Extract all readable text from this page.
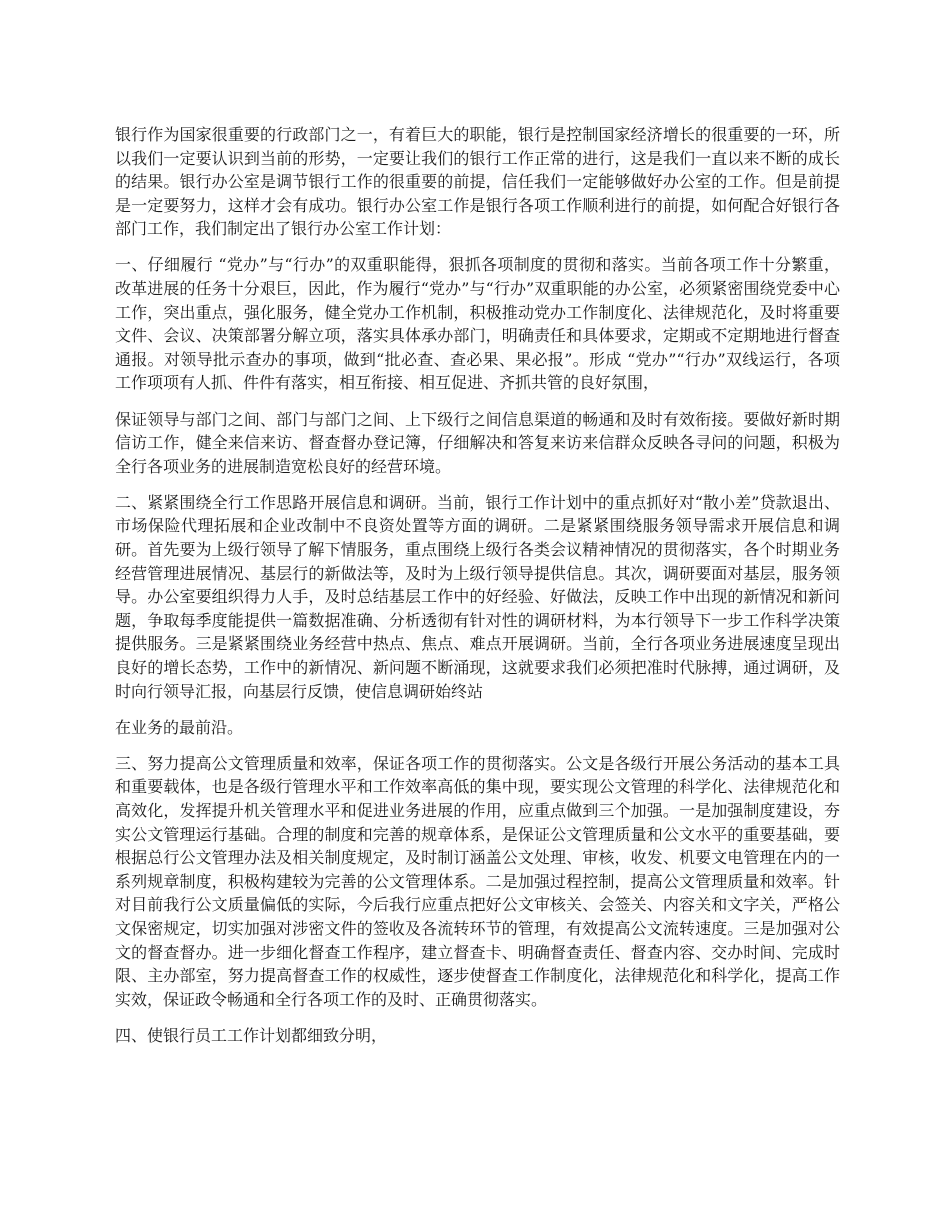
银行作为国家很重要的行政部门之一，有着巨大的职能，银行是控制国家经济增长的很重要的一环，所以我们一定要认识到当前的形势，一定要让我们的银行工作正常的进行，这是我们一直以来不断的成长的结果。银行办公室是调节银行工作的很重要的前提，信任我们一定能够做好办公室的工作。但是前提是一定要努力，这样才会有成功。银行办公室工作是银行各项工作顺利进行的前提，如何配合好银行各部门工作，我们制定出了银行办公室工作计划：

一、仔细履行 “党办”与“行办”的双重职能得，狠抓各项制度的贯彻和落实。当前各项工作十分繁重，改革进展的任务十分艰巨，因此，作为履行“党办”与“行办”双重职能的办公室，必须紧密围绕党委中心工作，突出重点，强化服务，健全党办工作机制，积极推动党办工作制度化、法律规范化，及时将重要文件、会议、决策部署分解立项，落实具体承办部门，明确责任和具体要求，定期或不定期地进行督查通报。对领导批示查办的事项，做到“批必查、查必果、果必报”。形成 “党办”“行办”双线运行，各项工作项项有人抓、件件有落实，相互衔接、相互促进、齐抓共管的良好氛围，

保证领导与部门之间、部门与部门之间、上下级行之间信息渠道的畅通和及时有效衔接。要做好新时期信访工作，健全来信来访、督查督办登记簿，仔细解决和答复来访来信群众反映各寻问的问题，积极为全行各项业务的进展制造宽松良好的经营环境。

二、紧紧围绕全行工作思路开展信息和调研。当前，银行工作计划中的重点抓好对“散小差”贷款退出、市场保险代理拓展和企业改制中不良资处置等方面的调研。二是紧紧围绕服务领导需求开展信息和调研。首先要为上级行领导了解下情服务，重点围绕上级行各类会议精神情况的贯彻落实，各个时期业务经营管理进展情况、基层行的新做法等，及时为上级行领导提供信息。其次，调研要面对基层，服务领导。办公室要组织得力人手，及时总结基层工作中的好经验、好做法，反映工作中出现的新情况和新问题，争取每季度能提供一篇数据准确、分析透彻有针对性的调研材料，为本行领导下一步工作科学决策提供服务。三是紧紧围绕业务经营中热点、焦点、难点开展调研。当前，全行各项业务进展速度呈现出良好的增长态势，工作中的新情况、新问题不断涌现，这就要求我们必须把准时代脉搏，通过调研，及时向行领导汇报，向基层行反馈，使信息调研始终站

在业务的最前沿。

三、努力提高公文管理质量和效率，保证各项工作的贯彻落实。公文是各级行开展公务活动的基本工具和重要载体，也是各级行管理水平和工作效率高低的集中现，要实现公文管理的科学化、法律规范化和高效化，发挥提升机关管理水平和促进业务进展的作用，应重点做到三个加强。一是加强制度建设，夯实公文管理运行基础。合理的制度和完善的规章体系，是保证公文管理质量和公文水平的重要基础，要根据总行公文管理办法及相关制度规定，及时制订涵盖公文处理、审核，收发、机要文电管理在内的一系列规章制度，积极构建较为完善的公文管理体系。二是加强过程控制，提高公文管理质量和效率。针对目前我行公文质量偏低的实际，今后我行应重点把好公文审核关、会签关、内容关和文字关，严格公文保密规定，切实加强对涉密文件的签收及各流转环节的管理，有效提高公文流转速度。三是加强对公文的督查督办。进一步细化督查工作程序，建立督查卡、明确督查责任、督查内容、交办时间、完成时限、主办部室，努力提高督查工作的权威性，逐步使督查工作制度化，法律规范化和科学化，提高工作实效，保证政令畅通和全行各项工作的及时、正确贯彻落实。

四、使银行员工工作计划都细致分明，
